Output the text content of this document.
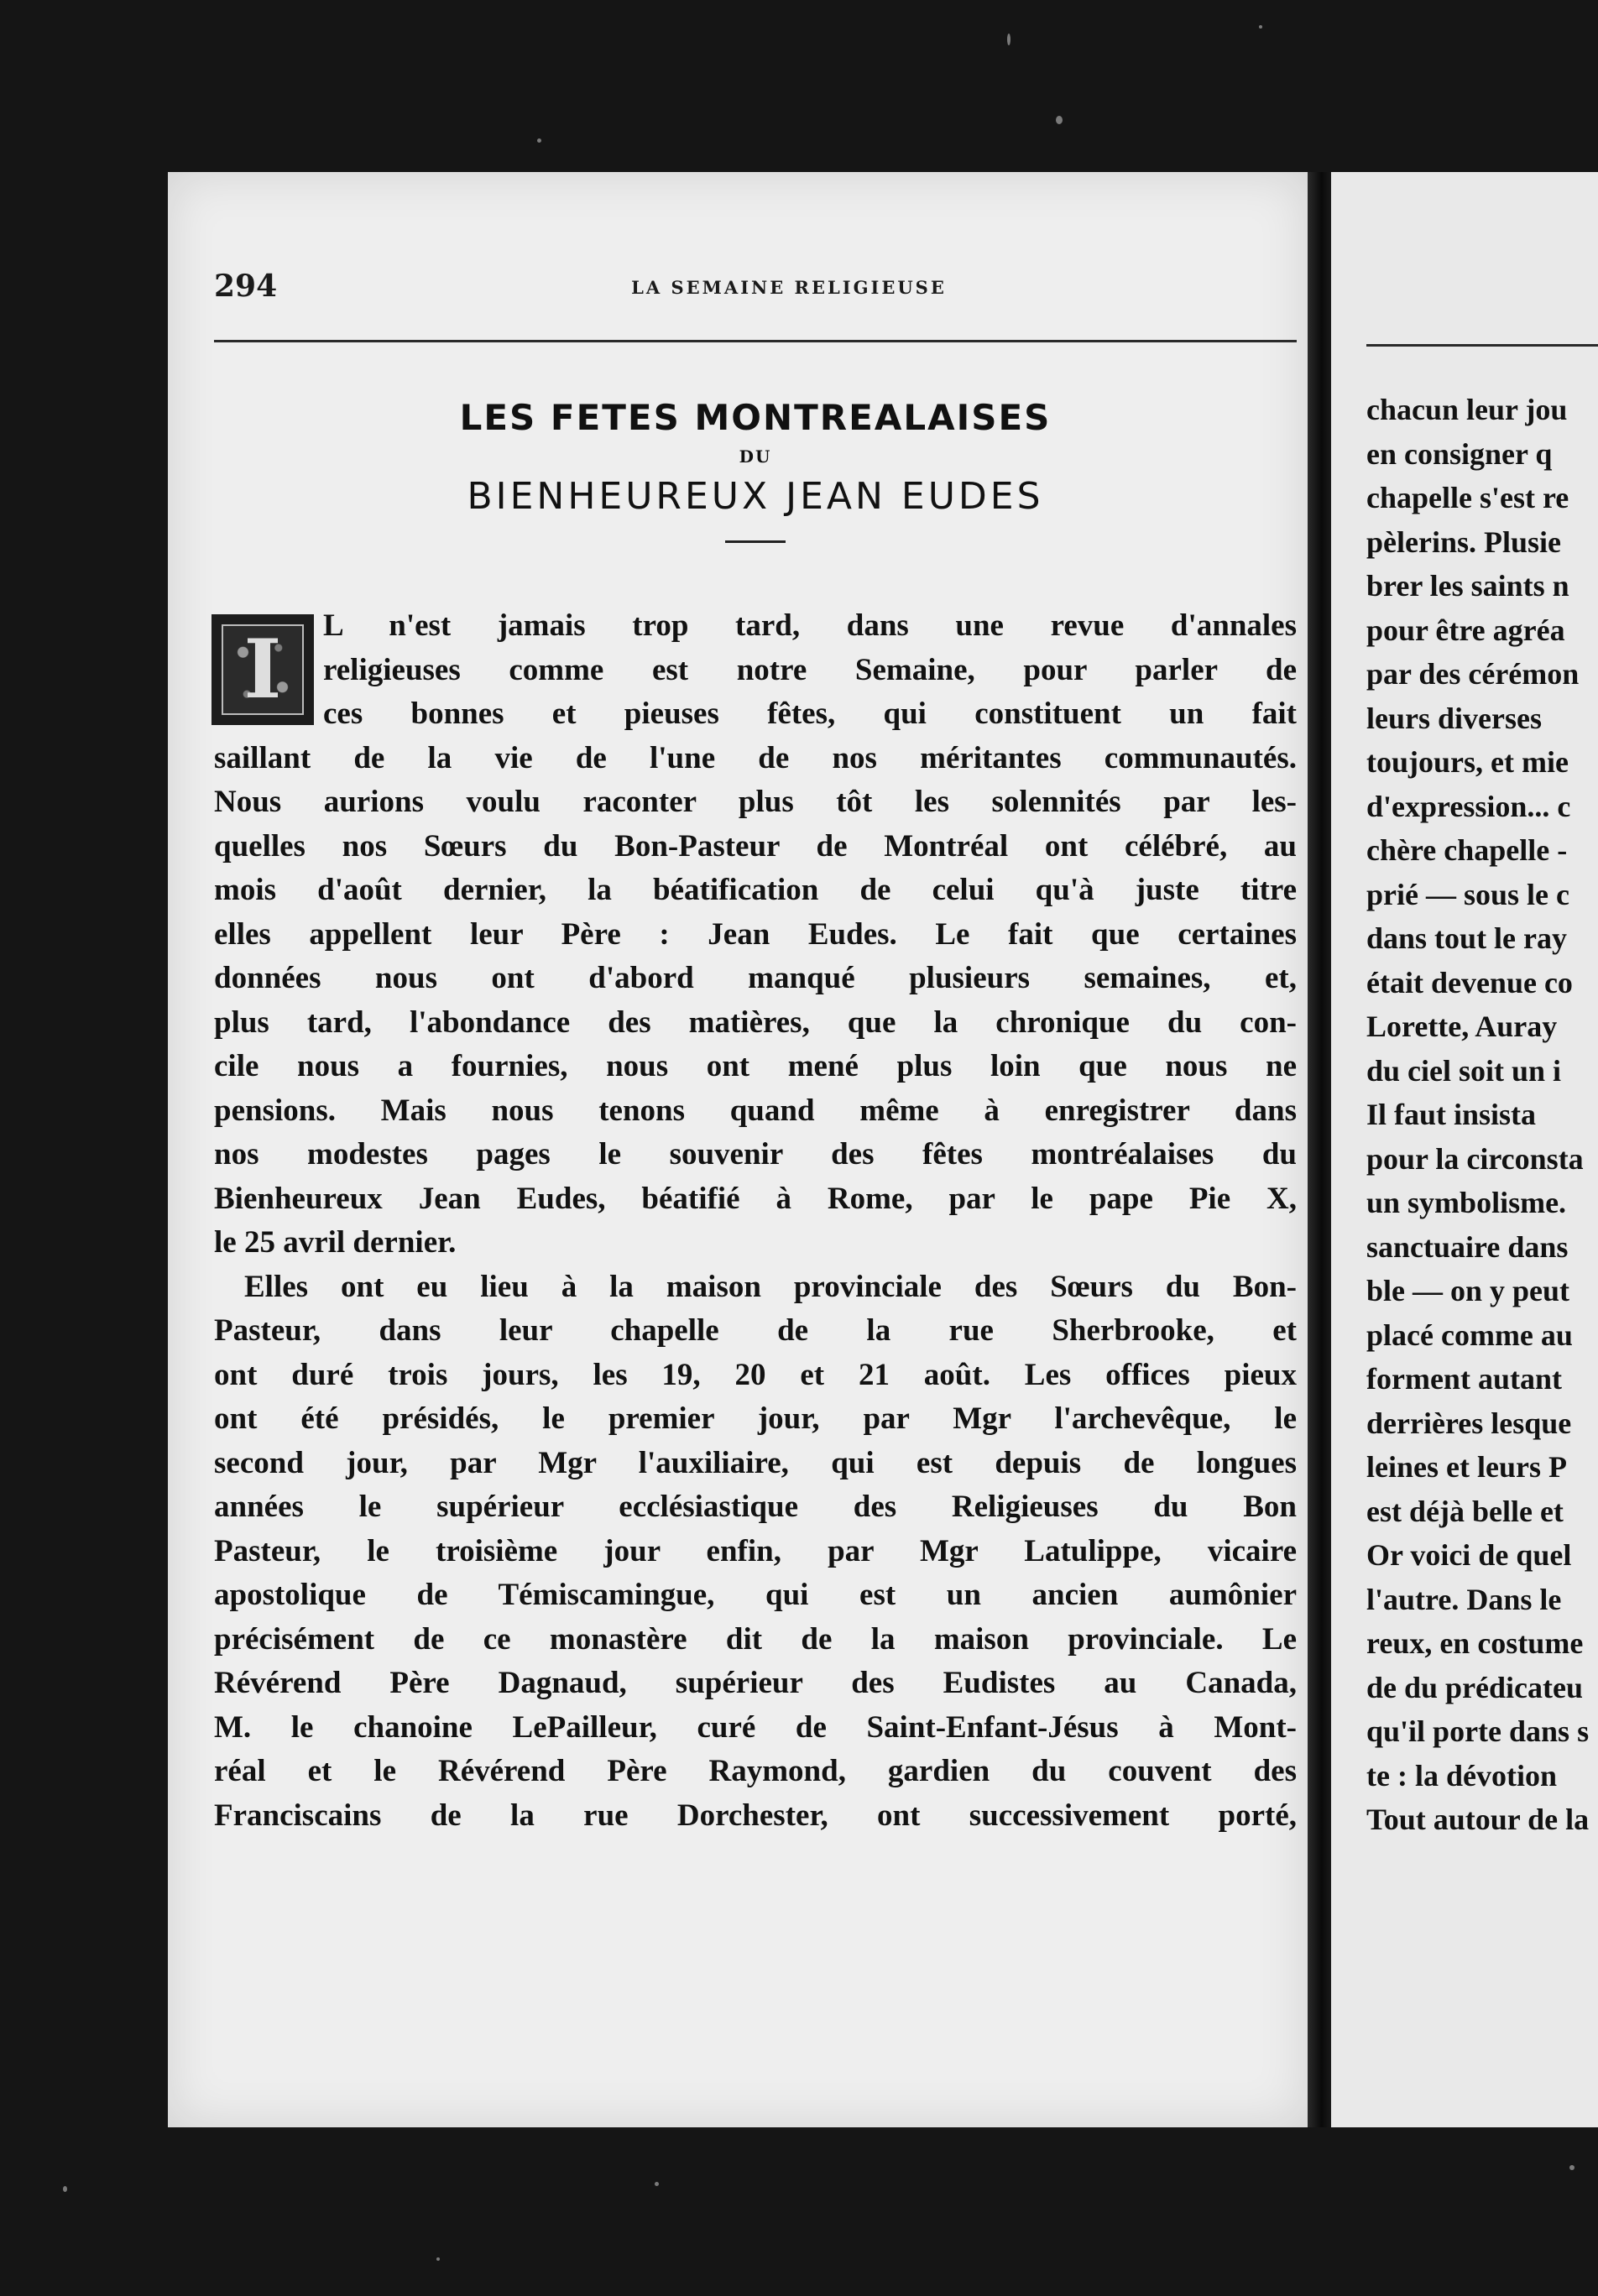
294	LA SEMAINE RELIGIEUSE

LES FETES MONTREALAISES

DU

BIENHEUREUX JEAN EUDES

I	L n'est jamais trop tard, dans une revue d'annales
religieuses comme est notre Semaine, pour parler de
ces bonnes et pieuses fêtes, qui constituent un fait
saillant de la vie de l'une de nos méritantes communautés.
Nous aurions voulu raconter plus tôt les solennités par les-
quelles nos Sœurs du Bon-Pasteur de Montréal ont célébré, au
mois d'août dernier, la béatification de celui qu'à juste titre
elles appellent leur Père : Jean Eudes. Le fait que certaines
données nous ont d'abord manqué plusieurs semaines, et,
plus tard, l'abondance des matières, que la chronique du con-
cile nous a fournies, nous ont mené plus loin que nous ne
pensions. Mais nous tenons quand même à enregistrer dans
nos modestes pages le souvenir des fêtes montréalaises du
Bienheureux Jean Eudes, béatifié à Rome, par le pape Pie X,
le 25 avril dernier.
Elles ont eu lieu à la maison provinciale des Sœurs du Bon-
Pasteur, dans leur chapelle de la rue Sherbrooke, et
ont duré trois jours, les 19, 20 et 21 août. Les offices pieux
ont été présidés, le premier jour, par Mgr l'archevêque, le
second jour, par Mgr l'auxiliaire, qui est depuis de longues
années le supérieur ecclésiastique des Religieuses du Bon
Pasteur, le troisième jour enfin, par Mgr Latulippe, vicaire
apostolique de Témiscamingue, qui est un ancien aumônier
précisément de ce monastère dit de la maison provinciale. Le
Révérend Père Dagnaud, supérieur des Eudistes au Canada,
M. le chanoine LePailleur, curé de Saint-Enfant-Jésus à Mont-
réal et le Révérend Père Raymond, gardien du couvent des
Franciscains de la rue Dorchester, ont successivement porté,
chacun leur jou
en consigner q
chapelle s'est re
pèlerins. Plusie
brer les saints n
pour être agréa
par des cérémon
leurs diverses
toujours, et mie
d'expression... c
chère chapelle -
prié — sous le c
dans tout le ray
était devenue co
Lorette, Auray
du ciel soit un i
Il faut insista
pour la circonsta
un symbolisme.
sanctuaire dans
ble — on y peut
placé comme au
forment autant
derrières lesque
leines et leurs P
est déjà belle et
Or voici de quel
l'autre. Dans le
reux, en costume
de du prédicateu
qu'il porte dans s
te : la dévotion
Tout autour de la
